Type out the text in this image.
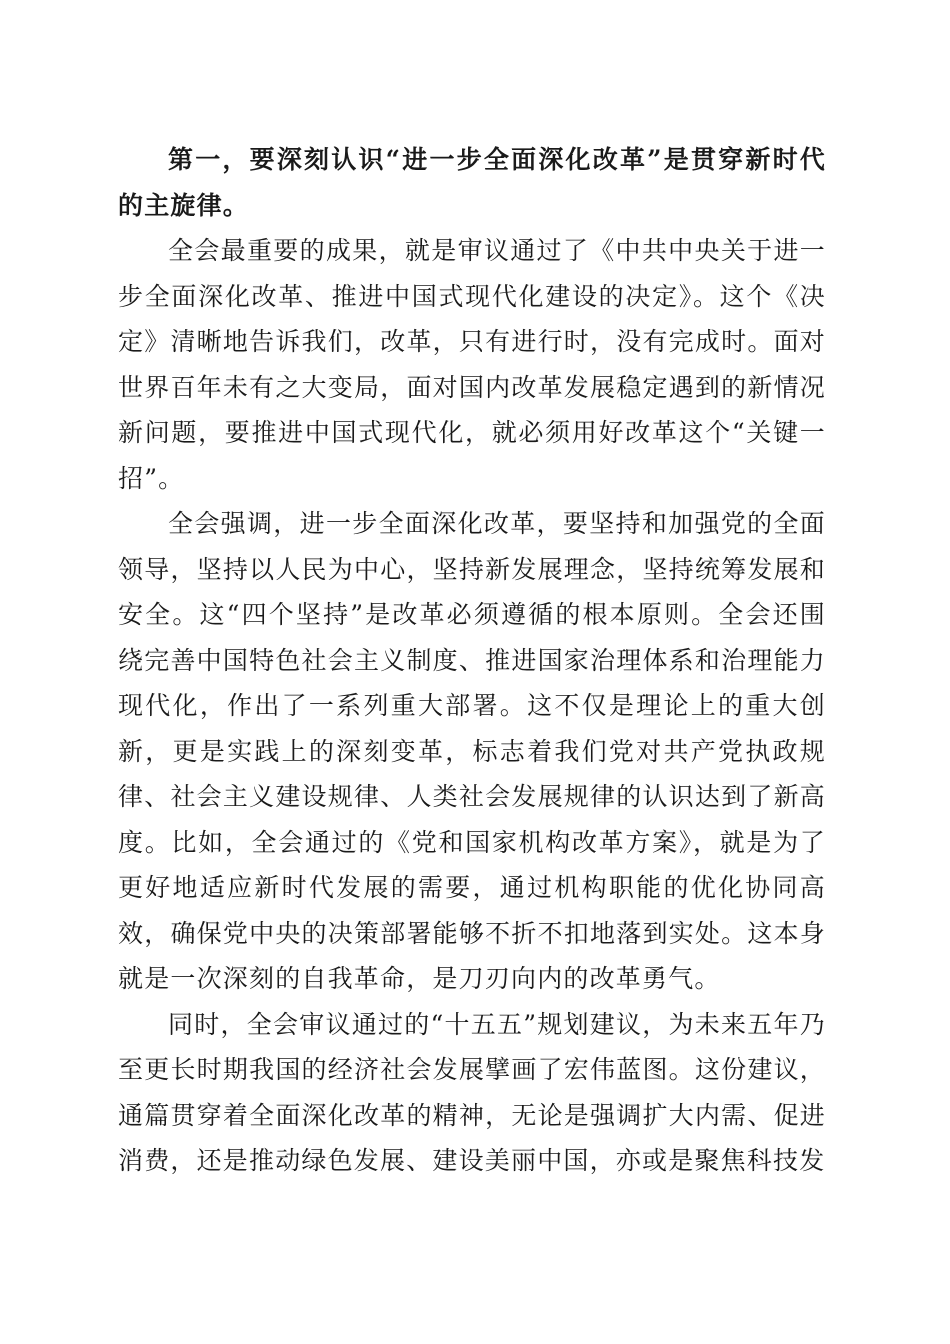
第一，要深刻认识“进一步全面深化改革”是贯穿新时代的主旋律。

全会最重要的成果，就是审议通过了《中共中央关于进一步全面深化改革、推进中国式现代化建设的决定》。这个《决定》清晰地告诉我们，改革，只有进行时，没有完成时。面对世界百年未有之大变局，面对国内改革发展稳定遇到的新情况新问题，要推进中国式现代化，就必须用好改革这个“关键一招”。

全会强调，进一步全面深化改革，要坚持和加强党的全面领导，坚持以人民为中心，坚持新发展理念，坚持统筹发展和安全。这“四个坚持”是改革必须遵循的根本原则。全会还围绕完善中国特色社会主义制度、推进国家治理体系和治理能力现代化，作出了一系列重大部署。这不仅是理论上的重大创新，更是实践上的深刻变革，标志着我们党对共产党执政规律、社会主义建设规律、人类社会发展规律的认识达到了新高度。比如，全会通过的《党和国家机构改革方案》，就是为了更好地适应新时代发展的需要，通过机构职能的优化协同高效，确保党中央的决策部署能够不折不扣地落到实处。这本身就是一次深刻的自我革命，是刀刃向内的改革勇气。

同时，全会审议通过的“十五五”规划建议，为未来五年乃至更长时期我国的经济社会发展擘画了宏伟蓝图。这份建议，通篇贯穿着全面深化改革的精神，无论是强调扩大内需、促进消费，还是推动绿色发展、建设美丽中国，亦或是聚焦科技发
